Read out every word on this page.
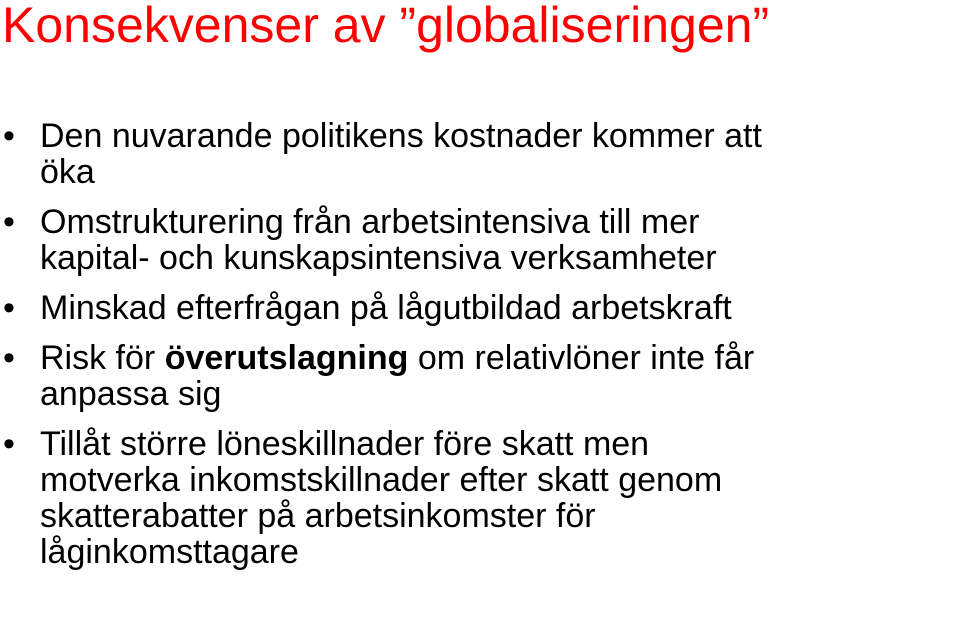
Konsekvenser av ”globaliseringen”
• Den nuvarande politikens kostnader kommer att
öka
• Omstrukturering från arbetsintensiva till mer
kapital- och kunskapsintensiva verksamheter
• Minskad efterfrågan på lågutbildad arbetskraft
• Risk för överutslagning om relativlöner inte får
anpassa sig
• Tillåt större löneskillnader före skatt men
motverka inkomstskillnader efter skatt genom
skatterabatter på arbetsinkomster för
låginkomsttagare
